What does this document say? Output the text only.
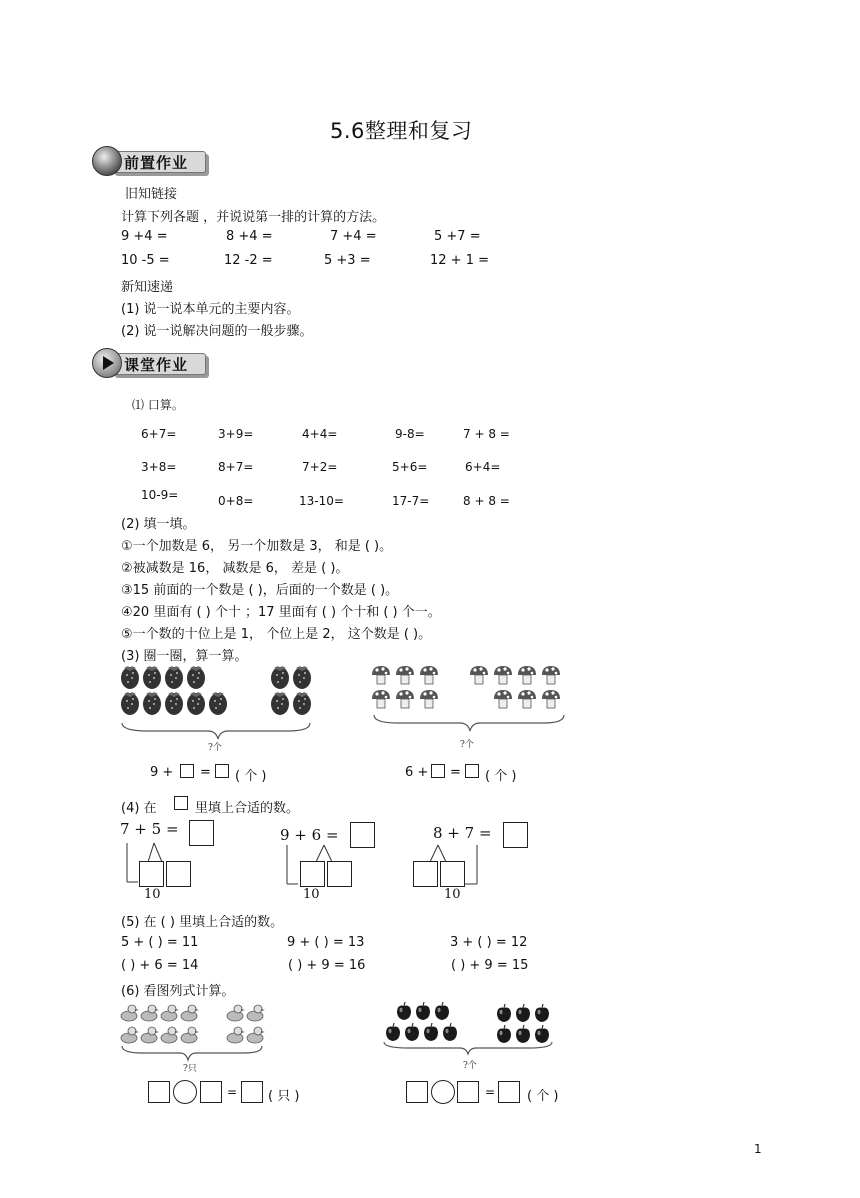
5.6整理和复习
前置作业
旧知链接
计算下列各题 ，并说说第一排的计算的方法。
9 +4 =	8 +4 =	7 +4 =	5 +7 =
10 -5 =	12 -2 =	5 +3 =	12 + 1 =
新知速递
(1) 说一说本单元的主要内容。
(2) 说一说解决问题的一般步骤。
课堂作业
⑴ 口算。
6+7=	3+9=	4+4=	9-8=	7 + 8 =
3+8=	8+7=	7+2=	5+6=	6+4=
10-9=	0+8=	13-10=	17-7=	8 + 8 =
(2) 填一填。
①一个加数是 6， 另一个加数是 3， 和是 ( )。
②被减数是 16， 减数是 6， 差是 ( )。
③15 前面的一个数是 ( )，后面的一个数是 ( )。
④20 里面有 ( ) 个十 ；17 里面有 ( ) 个十和 ( ) 个一。
⑤一个数的十位上是 1， 个位上是 2， 这个数是 ( )。
(3) 圈一圈，算一算。
?个	?个
9 + = ( 个 )	6 + = ( 个 )
(4) 在	里填上合适的数。
7 + 5 =
10
9 + 6 =
10
8 + 7 =
10
(5) 在 ( ) 里填上合适的数。
5 + ( ) = 11	9 + ( ) = 13	3 + ( ) = 12
( ) + 6 = 14	( ) + 9 = 16	( ) + 9 = 15
(6) 看图列式计算。
?只	?个
= ( 只 )	= ( 个 )
1
